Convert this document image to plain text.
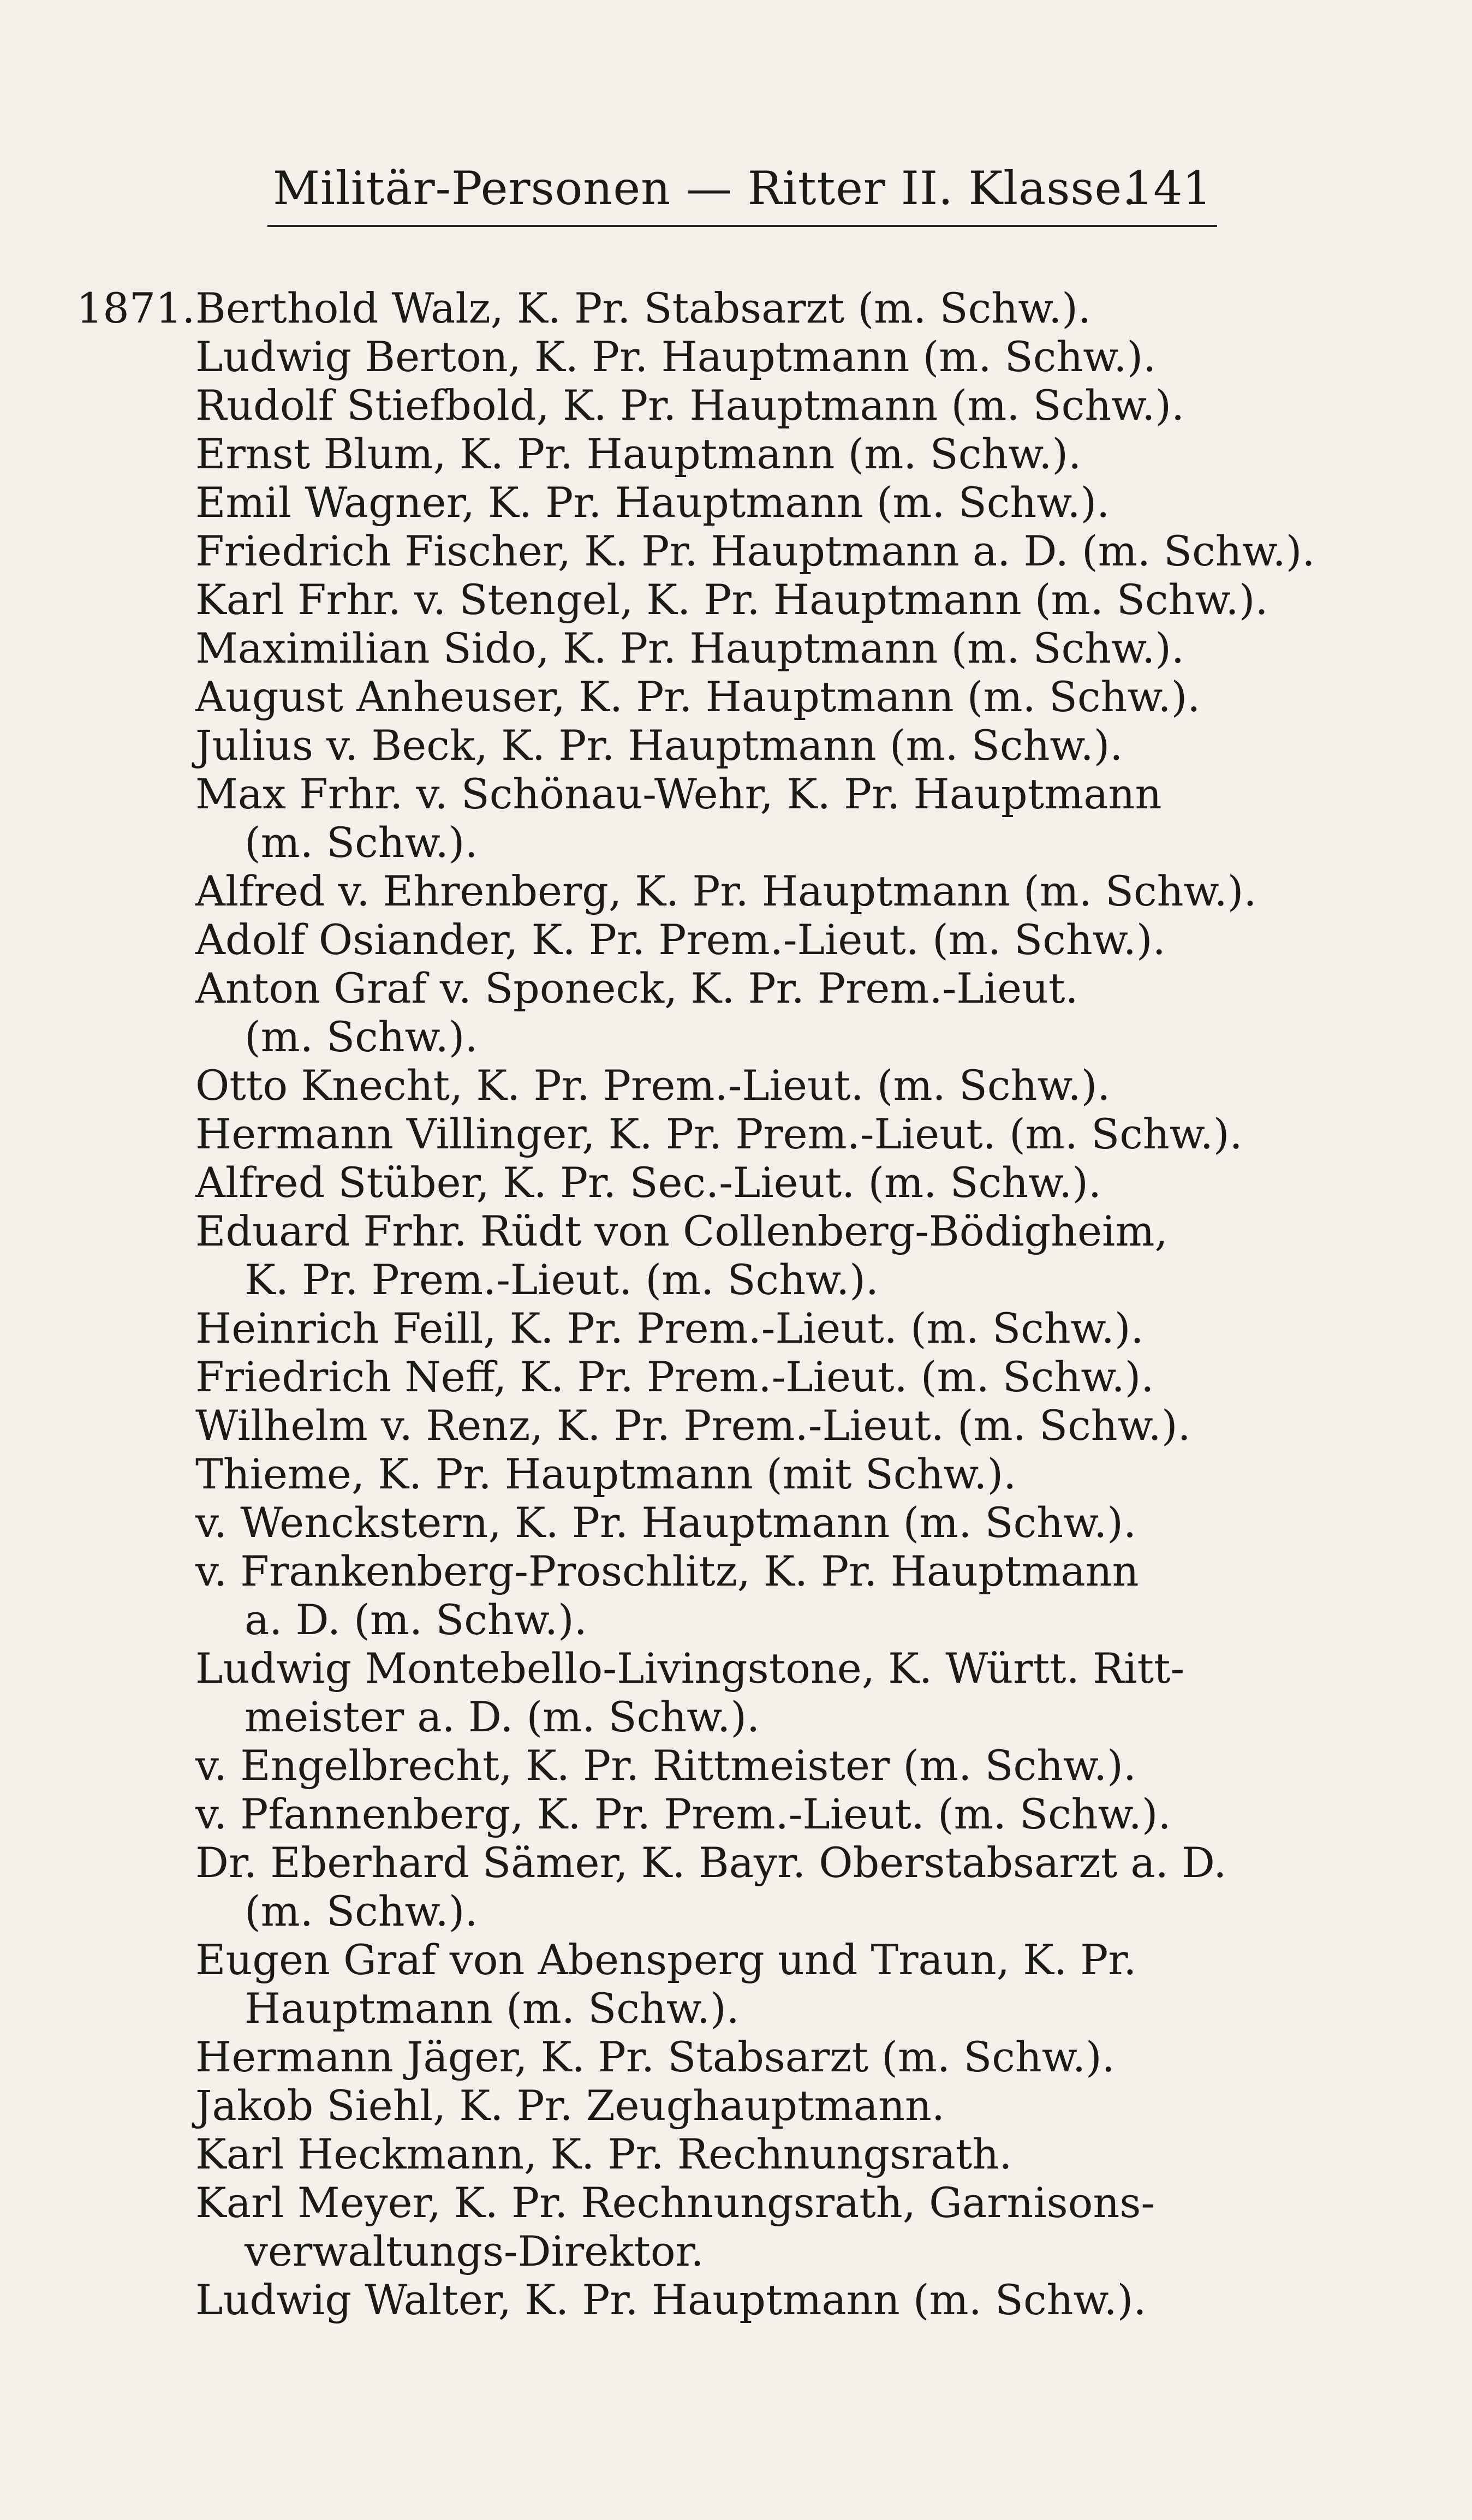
Militär-Personen — Ritter II. Klasse.
141
1871. Berthold Walz, K. Pr. Stabsarzt (m. Schw.).
Ludwig Berton, K. Pr. Hauptmann (m. Schw.).
Rudolf Stiefbold, K. Pr. Hauptmann (m. Schw.).
Ernst Blum, K. Pr. Hauptmann (m. Schw.).
Emil Wagner, K. Pr. Hauptmann (m. Schw.).
Friedrich Fischer, K. Pr. Hauptmann a. D. (m. Schw.).
Karl Frhr. v. Stengel, K. Pr. Hauptmann (m. Schw.).
Maximilian Sido, K. Pr. Hauptmann (m. Schw.).
August Anheuser, K. Pr. Hauptmann (m. Schw.).
Julius v. Beck, K. Pr. Hauptmann (m. Schw.).
Max Frhr. v. Schönau-Wehr, K. Pr. Hauptmann
(m. Schw.).
Alfred v. Ehrenberg, K. Pr. Hauptmann (m. Schw.).
Adolf Osiander, K. Pr. Prem.-Lieut. (m. Schw.).
Anton Graf v. Sponeck, K. Pr. Prem.-Lieut.
(m. Schw.).
Otto Knecht, K. Pr. Prem.-Lieut. (m. Schw.).
Hermann Villinger, K. Pr. Prem.-Lieut. (m. Schw.).
Alfred Stüber, K. Pr. Sec.-Lieut. (m. Schw.).
Eduard Frhr. Rüdt von Collenberg-Bödigheim,
K. Pr. Prem.-Lieut. (m. Schw.).
Heinrich Feill, K. Pr. Prem.-Lieut. (m. Schw.).
Friedrich Neff, K. Pr. Prem.-Lieut. (m. Schw.).
Wilhelm v. Renz, K. Pr. Prem.-Lieut. (m. Schw.).
Thieme, K. Pr. Hauptmann (mit Schw.).
v. Wenckstern, K. Pr. Hauptmann (m. Schw.).
v. Frankenberg-Proschlitz, K. Pr. Hauptmann
a. D. (m. Schw.).
Ludwig Montebello-Livingstone, K. Württ. Ritt-
meister a. D. (m. Schw.).
v. Engelbrecht, K. Pr. Rittmeister (m. Schw.).
v. Pfannenberg, K. Pr. Prem.-Lieut. (m. Schw.).
Dr. Eberhard Sämer, K. Bayr. Oberstabsarzt a. D.
(m. Schw.).
Eugen Graf von Abensperg und Traun, K. Pr.
Hauptmann (m. Schw.).
Hermann Jäger, K. Pr. Stabsarzt (m. Schw.).
Jakob Siehl, K. Pr. Zeughauptmann.
Karl Heckmann, K. Pr. Rechnungsrath.
Karl Meyer, K. Pr. Rechnungsrath, Garnisons-
verwaltungs-Direktor.
Ludwig Walter, K. Pr. Hauptmann (m. Schw.).
